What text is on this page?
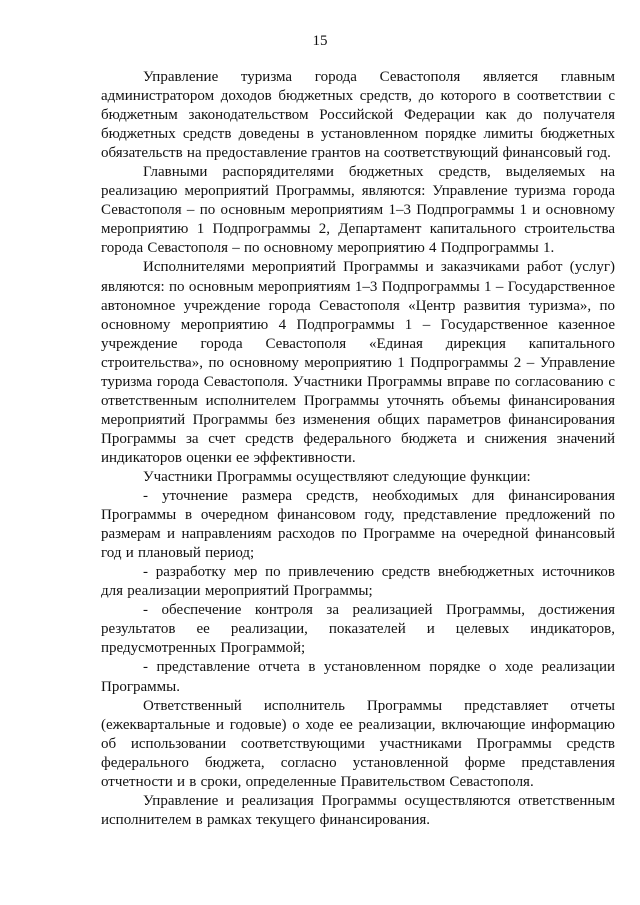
15

Управление туризма города Севастополя является главным администратором доходов бюджетных средств, до которого в соответствии с бюджетным законодательством Российской Федерации как до получателя бюджетных средств доведены в установленном порядке лимиты бюджетных обязательств на предоставление грантов на соответствующий финансовый год.

Главными распорядителями бюджетных средств, выделяемых на реализацию мероприятий Программы, являются: Управление туризма города Севастополя – по основным мероприятиям 1–3 Подпрограммы 1 и основному мероприятию 1 Подпрограммы 2, Департамент капитального строительства города Севастополя – по основному мероприятию 4 Подпрограммы 1.

Исполнителями мероприятий Программы и заказчиками работ (услуг) являются: по основным мероприятиям 1–3 Подпрограммы 1 – Государственное автономное учреждение города Севастополя «Центр развития туризма», по основному мероприятию 4 Подпрограммы 1 – Государственное казенное учреждение города Севастополя «Единая дирекция капитального строительства», по основному мероприятию 1 Подпрограммы 2 – Управление туризма города Севастополя. Участники Программы вправе по согласованию с ответственным исполнителем Программы уточнять объемы финансирования мероприятий Программы без изменения общих параметров финансирования Программы за счет средств федерального бюджета и снижения значений индикаторов оценки ее эффективности.

Участники Программы осуществляют следующие функции:

- уточнение размера средств, необходимых для финансирования Программы в очередном финансовом году, представление предложений по размерам и направлениям расходов по Программе на очередной финансовый год и плановый период;

- разработку мер по привлечению средств внебюджетных источников для реализации мероприятий Программы;

- обеспечение контроля за реализацией Программы, достижения результатов ее реализации, показателей и целевых индикаторов, предусмотренных Программой;

- представление отчета в установленном порядке о ходе реализации Программы.

Ответственный исполнитель Программы представляет отчеты (ежеквартальные и годовые) о ходе ее реализации, включающие информацию об использовании соответствующими участниками Программы средств федерального бюджета, согласно установленной форме представления отчетности и в сроки, определенные Правительством Севастополя.

Управление и реализация Программы осуществляются ответственным исполнителем в рамках текущего финансирования.
